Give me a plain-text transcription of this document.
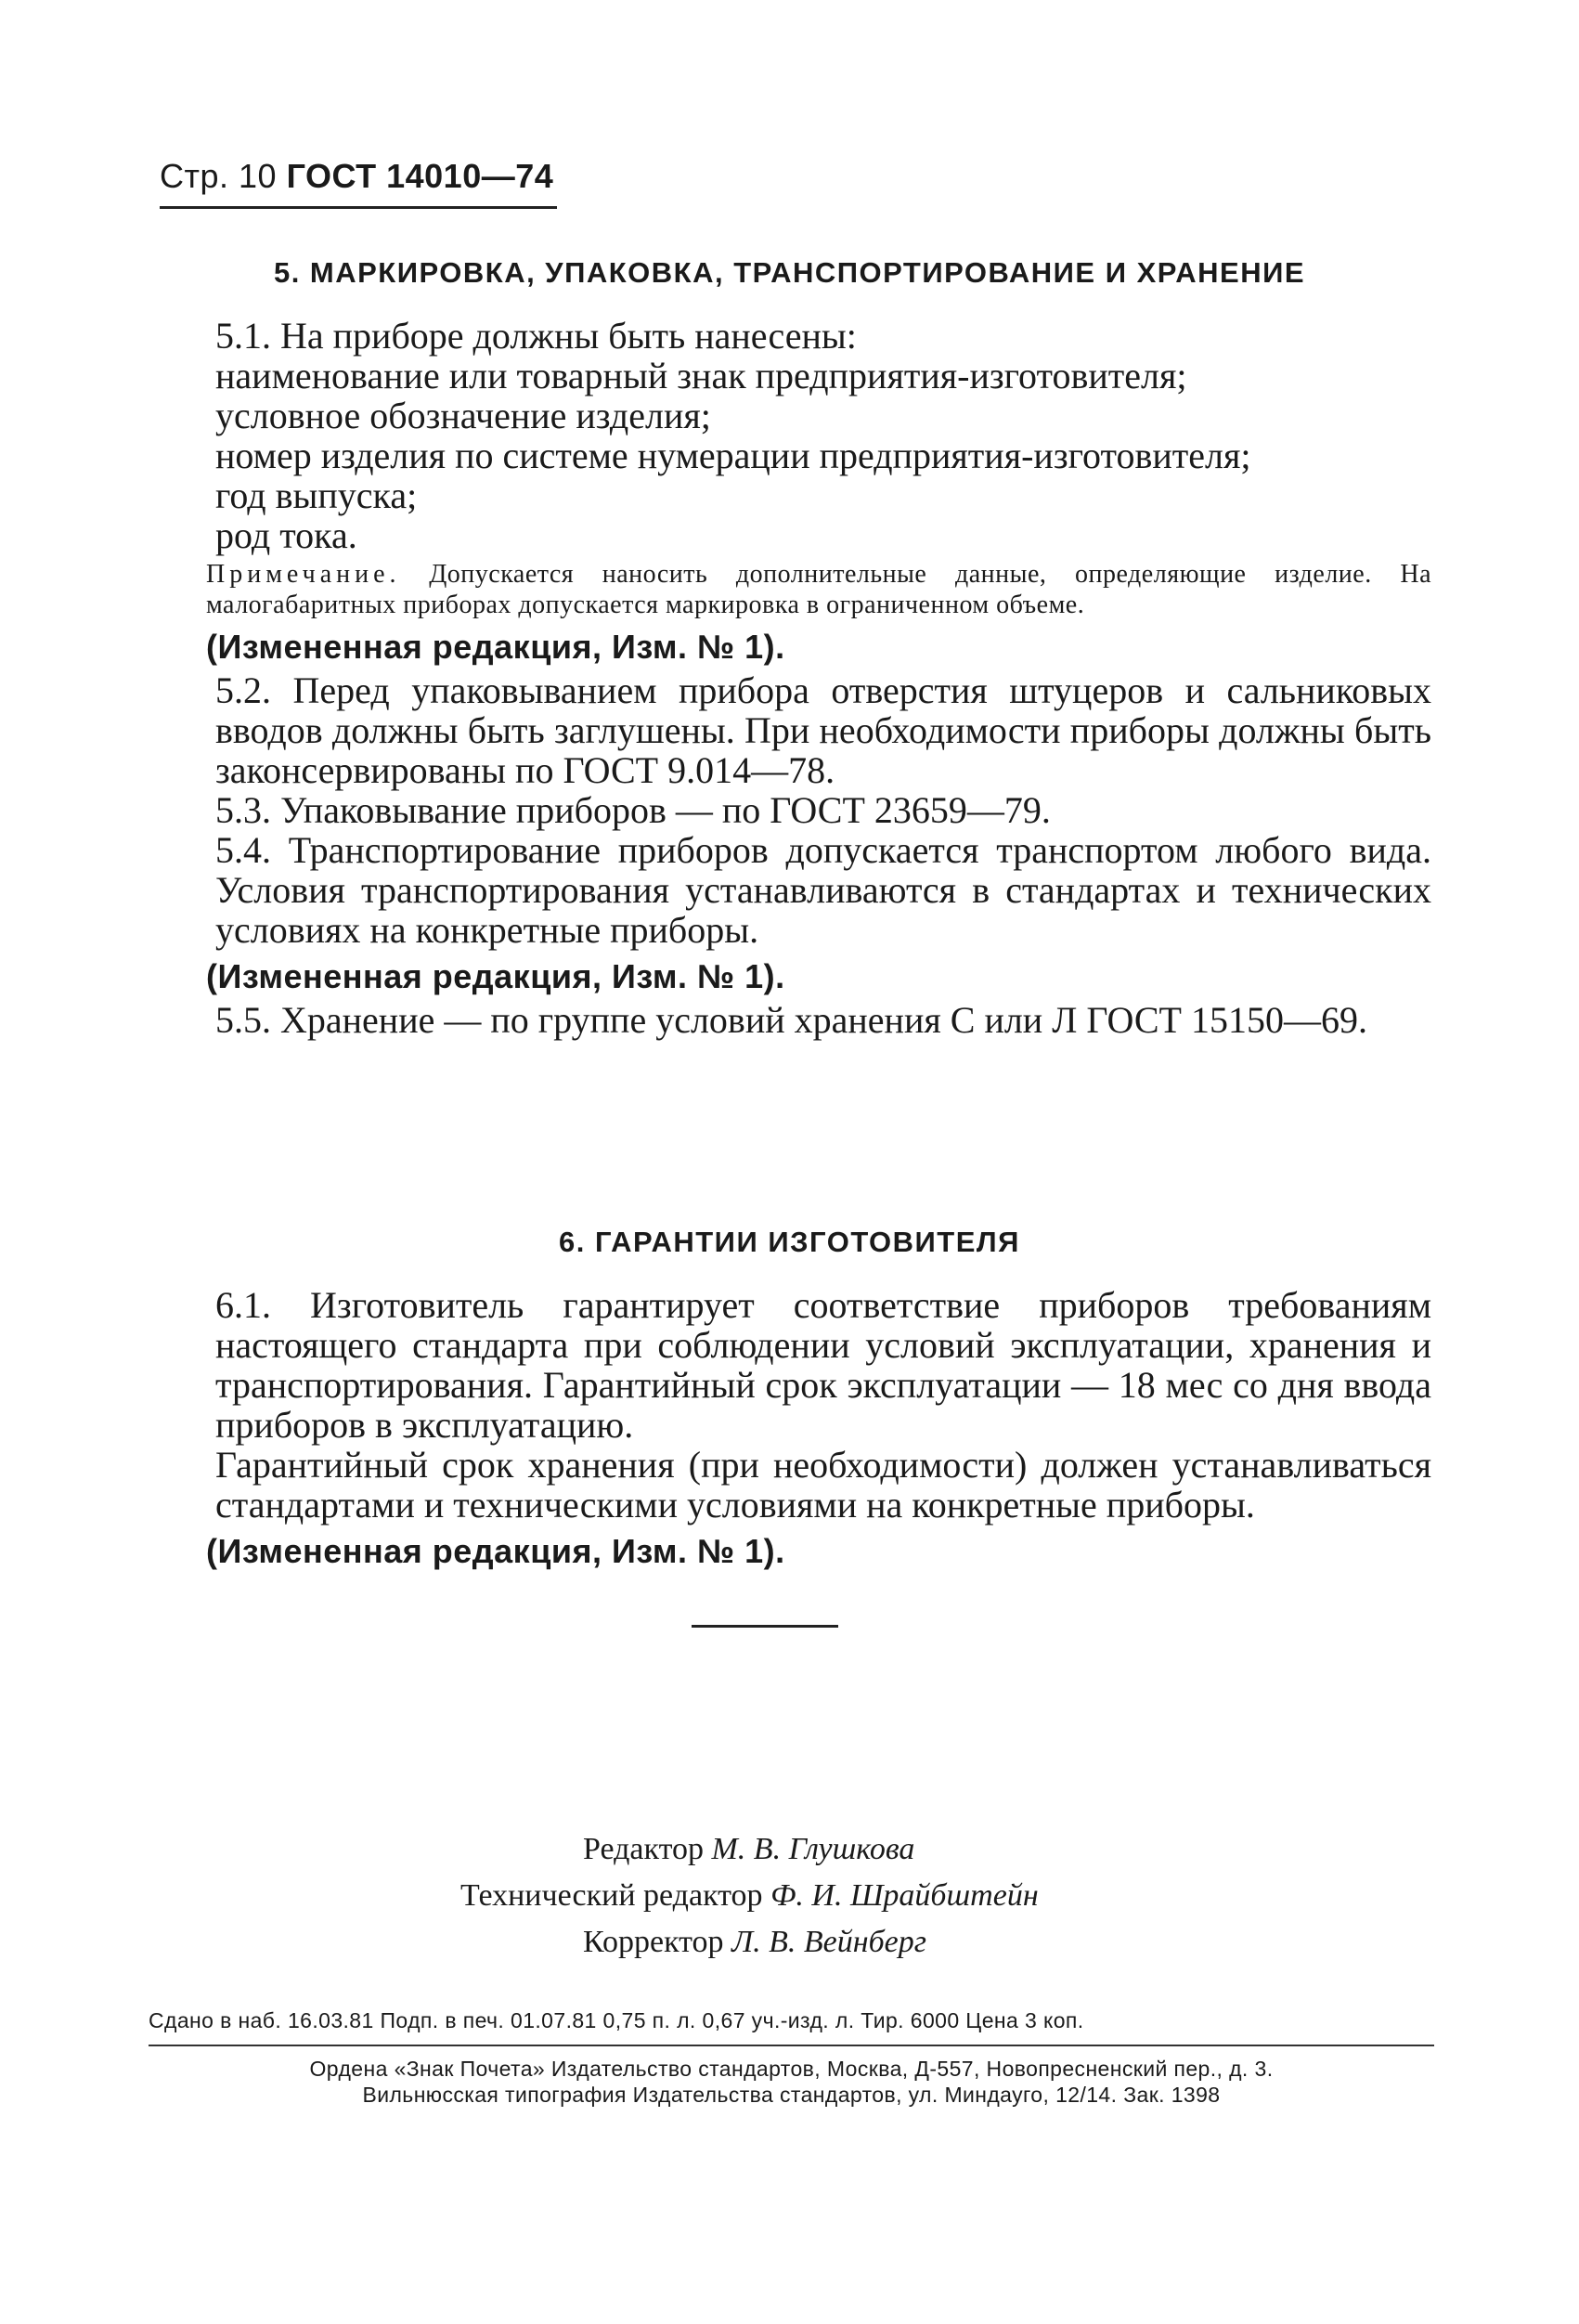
Стр. 10 ГОСТ 14010—74
5. МАРКИРОВКА, УПАКОВКА, ТРАНСПОРТИРОВАНИЕ И ХРАНЕНИЕ

5.1. На приборе должны быть нанесены:

наименование или товарный знак предприятия-изготовителя;

условное обозначение изделия;

номер изделия по системе нумерации предприятия-изготовителя;

год выпуска;

род тока.

Примечание. Допускается наносить дополнительные данные, определяющие изделие. На малогабаритных приборах допускается маркировка в ограниченном объеме.
(Измененная редакция, Изм. № 1).

5.2. Перед упаковыванием прибора отверстия штуцеров и сальниковых вводов должны быть заглушены. При необходимости приборы должны быть законсервированы по ГОСТ 9.014—78.

5.3. Упаковывание приборов — по ГОСТ 23659—79.

5.4. Транспортирование приборов допускается транспортом любого вида. Условия транспортирования устанавливаются в стандартах и технических условиях на конкретные приборы.

(Измененная редакция, Изм. № 1).

5.5. Хранение — по группе условий хранения С или Л ГОСТ 15150—69.

6. ГАРАНТИИ ИЗГОТОВИТЕЛЯ

6.1. Изготовитель гарантирует соответствие приборов требованиям настоящего стандарта при соблюдении условий эксплуатации, хранения и транспортирования. Гарантийный срок эксплуатации — 18 мес со дня ввода приборов в эксплуатацию.

Гарантийный срок хранения (при необходимости) должен устанавливаться стандартами и техническими условиями на конкретные приборы.

(Измененная редакция, Изм. № 1).
Редактор М. В. Глушкова
Технический редактор Ф. И. Шрайбштейн
Корректор Л. В. Вейнберг
Сдано в наб. 16.03.81 Подп. в печ. 01.07.81 0,75 п. л. 0,67 уч.-изд. л. Тир. 6000 Цена 3 коп.
Ордена «Знак Почета» Издательство стандартов, Москва, Д-557, Новопресненский пер., д. 3.
Вильнюсская типография Издательства стандартов, ул. Миндауго, 12/14. Зак. 1398
